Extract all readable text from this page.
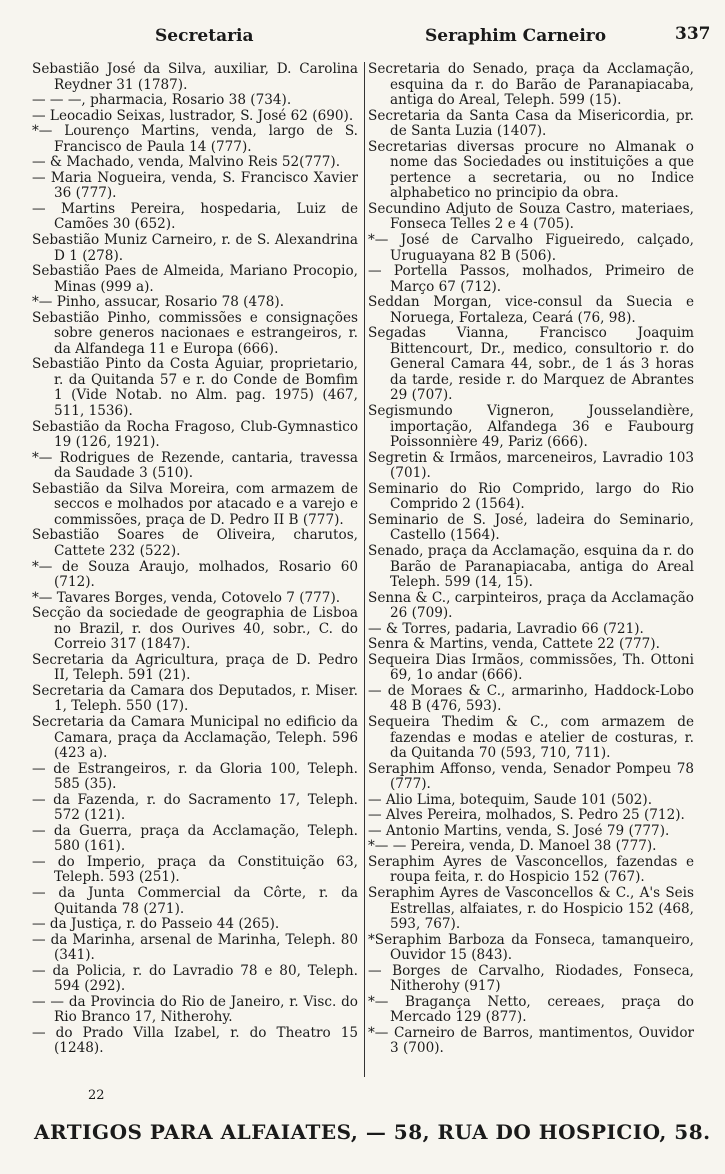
Secretaria	Seraphim Carneiro	337

Sebastião José da Silva, auxiliar, D. Carolina Reydner 31 (1787).

— — —, pharmacia, Rosario 38 (734).

— Leocadio Seixas, lustrador, S. José 62 (690).

*— Lourenço Martins, venda, largo de S. Francisco de Paula 14 (777).

— & Machado, venda, Malvino Reis 52(777).

— Maria Nogueira, venda, S. Francisco Xavier 36 (777).

— Martins Pereira, hospedaria, Luiz de Camões 30 (652).

Sebastião Muniz Carneiro, r. de S. Alexandrina D 1 (278).

Sebastião Paes de Almeida, Mariano Procopio, Minas (999 a).

*— Pinho, assucar, Rosario 78 (478).

Sebastião Pinho, commissões e consignações sobre generos nacionaes e estrangeiros, r. da Alfandega 11 e Europa (666).

Sebastião Pinto da Costa Aguiar, proprietario, r. da Quitanda 57 e r. do Conde de Bomfim 1 (Vide Notab. no Alm. pag. 1975) (467, 511, 1536).

Sebastião da Rocha Fragoso, Club-Gymnastico 19 (126, 1921).

*— Rodrigues de Rezende, cantaria, travessa da Saudade 3 (510).

Sebastião da Silva Moreira, com armazem de seccos e molhados por atacado e a varejo e commissões, praça de D. Pedro II B (777).

Sebastião Soares de Oliveira, charutos, Cattete 232 (522).

*— de Souza Araujo, molhados, Rosario 60 (712).

*— Tavares Borges, venda, Cotovelo 7 (777).

Secção da sociedade de geographia de Lisboa no Brazil, r. dos Ourives 40, sobr., C. do Correio 317 (1847).

Secretaria da Agricultura, praça de D. Pedro II, Teleph. 591 (21).

Secretaria da Camara dos Deputados, r. Miser. 1, Teleph. 550 (17).

Secretaria da Camara Municipal no edificio da Camara, praça da Acclamação, Teleph. 596 (423 a).

— de Estrangeiros, r. da Gloria 100, Teleph. 585 (35).

— da Fazenda, r. do Sacramento 17, Teleph. 572 (121).

— da Guerra, praça da Acclamação, Teleph. 580 (161).

— do Imperio, praça da Constituição 63, Teleph. 593 (251).

— da Junta Commercial da Côrte, r. da Quitanda 78 (271).

— da Justiça, r. do Passeio 44 (265).

— da Marinha, arsenal de Marinha, Teleph. 80 (341).

— da Policia, r. do Lavradio 78 e 80, Teleph. 594 (292).

— — da Provincia do Rio de Janeiro, r. Visc. do Rio Branco 17, Nitherohy.

— do Prado Villa Izabel, r. do Theatro 15 (1248).

Secretaria do Senado, praça da Acclamação, esquina da r. do Barão de Paranapiacaba, antiga do Areal, Teleph. 599 (15).

Secretaria da Santa Casa da Misericordia, pr. de Santa Luzia (1407).

Secretarias diversas procure no Almanak o nome das Sociedades ou instituições a que pertence a secretaria, ou no Indice alphabetico no principio da obra.

Secundino Adjuto de Souza Castro, materiaes, Fonseca Telles 2 e 4 (705).

*— José de Carvalho Figueiredo, calçado, Uruguayana 82 B (506).

— Portella Passos, molhados, Primeiro de Março 67 (712).

Seddan Morgan, vice-consul da Suecia e Noruega, Fortaleza, Ceará (76, 98).

Segadas Vianna, Francisco Joaquim Bittencourt, Dr., medico, consultorio r. do General Camara 44, sobr., de 1 ás 3 horas da tarde, reside r. do Marquez de Abrantes 29 (707).

Segismundo Vigneron, Jousselandière, importação, Alfandega 36 e Faubourg Poissonnière 49, Pariz (666).

Segretin & Irmãos, marceneiros, Lavradio 103 (701).

Seminario do Rio Comprido, largo do Rio Comprido 2 (1564).

Seminario de S. José, ladeira do Seminario, Castello (1564).

Senado, praça da Acclamação, esquina da r. do Barão de Paranapiacaba, antiga do Areal Teleph. 599 (14, 15).

Senna & C., carpinteiros, praça da Acclamação 26 (709).

— & Torres, padaria, Lavradio 66 (721).

Senra & Martins, venda, Cattete 22 (777).

Sequeira Dias Irmãos, commissões, Th. Ottoni 69, 1o andar (666).

— de Moraes & C., armarinho, Haddock-Lobo 48 B (476, 593).

Sequeira Thedim & C., com armazem de fazendas e modas e atelier de costuras, r. da Quitanda 70 (593, 710, 711).

Seraphim Affonso, venda, Senador Pompeu 78 (777).

— Alio Lima, botequim, Saude 101 (502).

— Alves Pereira, molhados, S. Pedro 25 (712).

— Antonio Martins, venda, S. José 79 (777).

*— — Pereira, venda, D. Manoel 38 (777).

Seraphim Ayres de Vasconcellos, fazendas e roupa feita, r. do Hospicio 152 (767).

Seraphim Ayres de Vasconcellos & C., A's Seis Estrellas, alfaiates, r. do Hospicio 152 (468, 593, 767).

*Seraphim Barboza da Fonseca, tamanqueiro, Ouvidor 15 (843).

— Borges de Carvalho, Riodades, Fonseca, Nitherohy (917)

*— Bragança Netto, cereaes, praça do Mercado 129 (877).

*— Carneiro de Barros, mantimentos, Ouvidor 3 (700).

22
ARTIGOS PARA ALFAIATES, — 58, RUA DO HOSPICIO, 58.
